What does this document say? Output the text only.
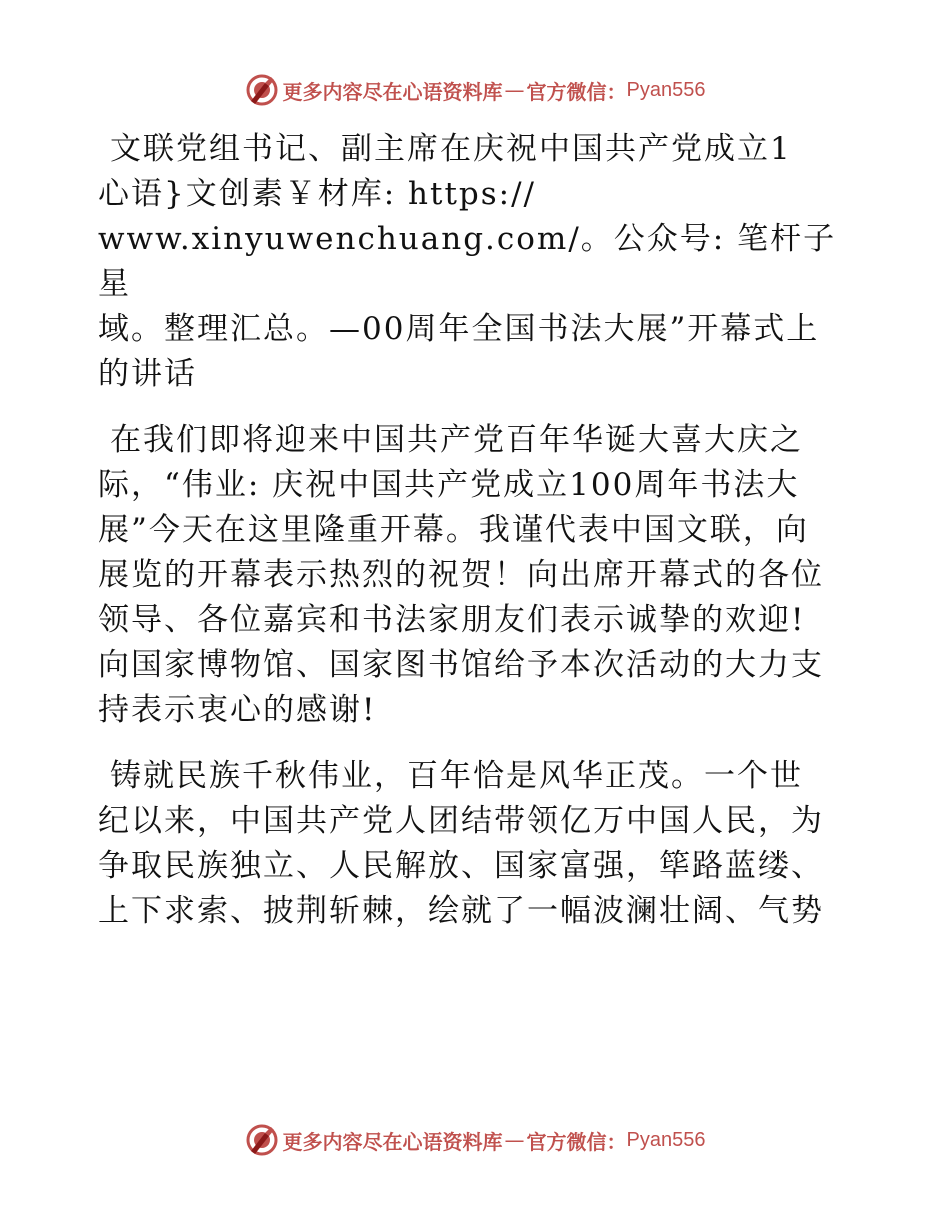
更多内容尽在心语资料库 — 官方微信： Pyan556

文联党组书记、副主席在庆祝中国共产党成立1
心语}文创素￥材库: https://
www.xinyuwenchuang.com/。公众号: 笔杆子星
域。整理汇总。—00周年全国书法大展”开幕式上
的讲话

在我们即将迎来中国共产党百年华诞大喜大庆之
际，“伟业: 庆祝中国共产党成立100周年书法大
展”今天在这里隆重开幕。我谨代表中国文联，向
展览的开幕表示热烈的祝贺！向出席开幕式的各位
领导、各位嘉宾和书法家朋友们表示诚挚的欢迎!
向国家博物馆、国家图书馆给予本次活动的大力支
持表示衷心的感谢!

铸就民族千秋伟业，百年恰是风华正茂。一个世
纪以来，中国共产党人团结带领亿万中国人民，为
争取民族独立、人民解放、国家富强，筚路蓝缕、
上下求索、披荆斩棘，绘就了一幅波澜壮阔、气势

更多内容尽在心语资料库 — 官方微信： Pyan556
